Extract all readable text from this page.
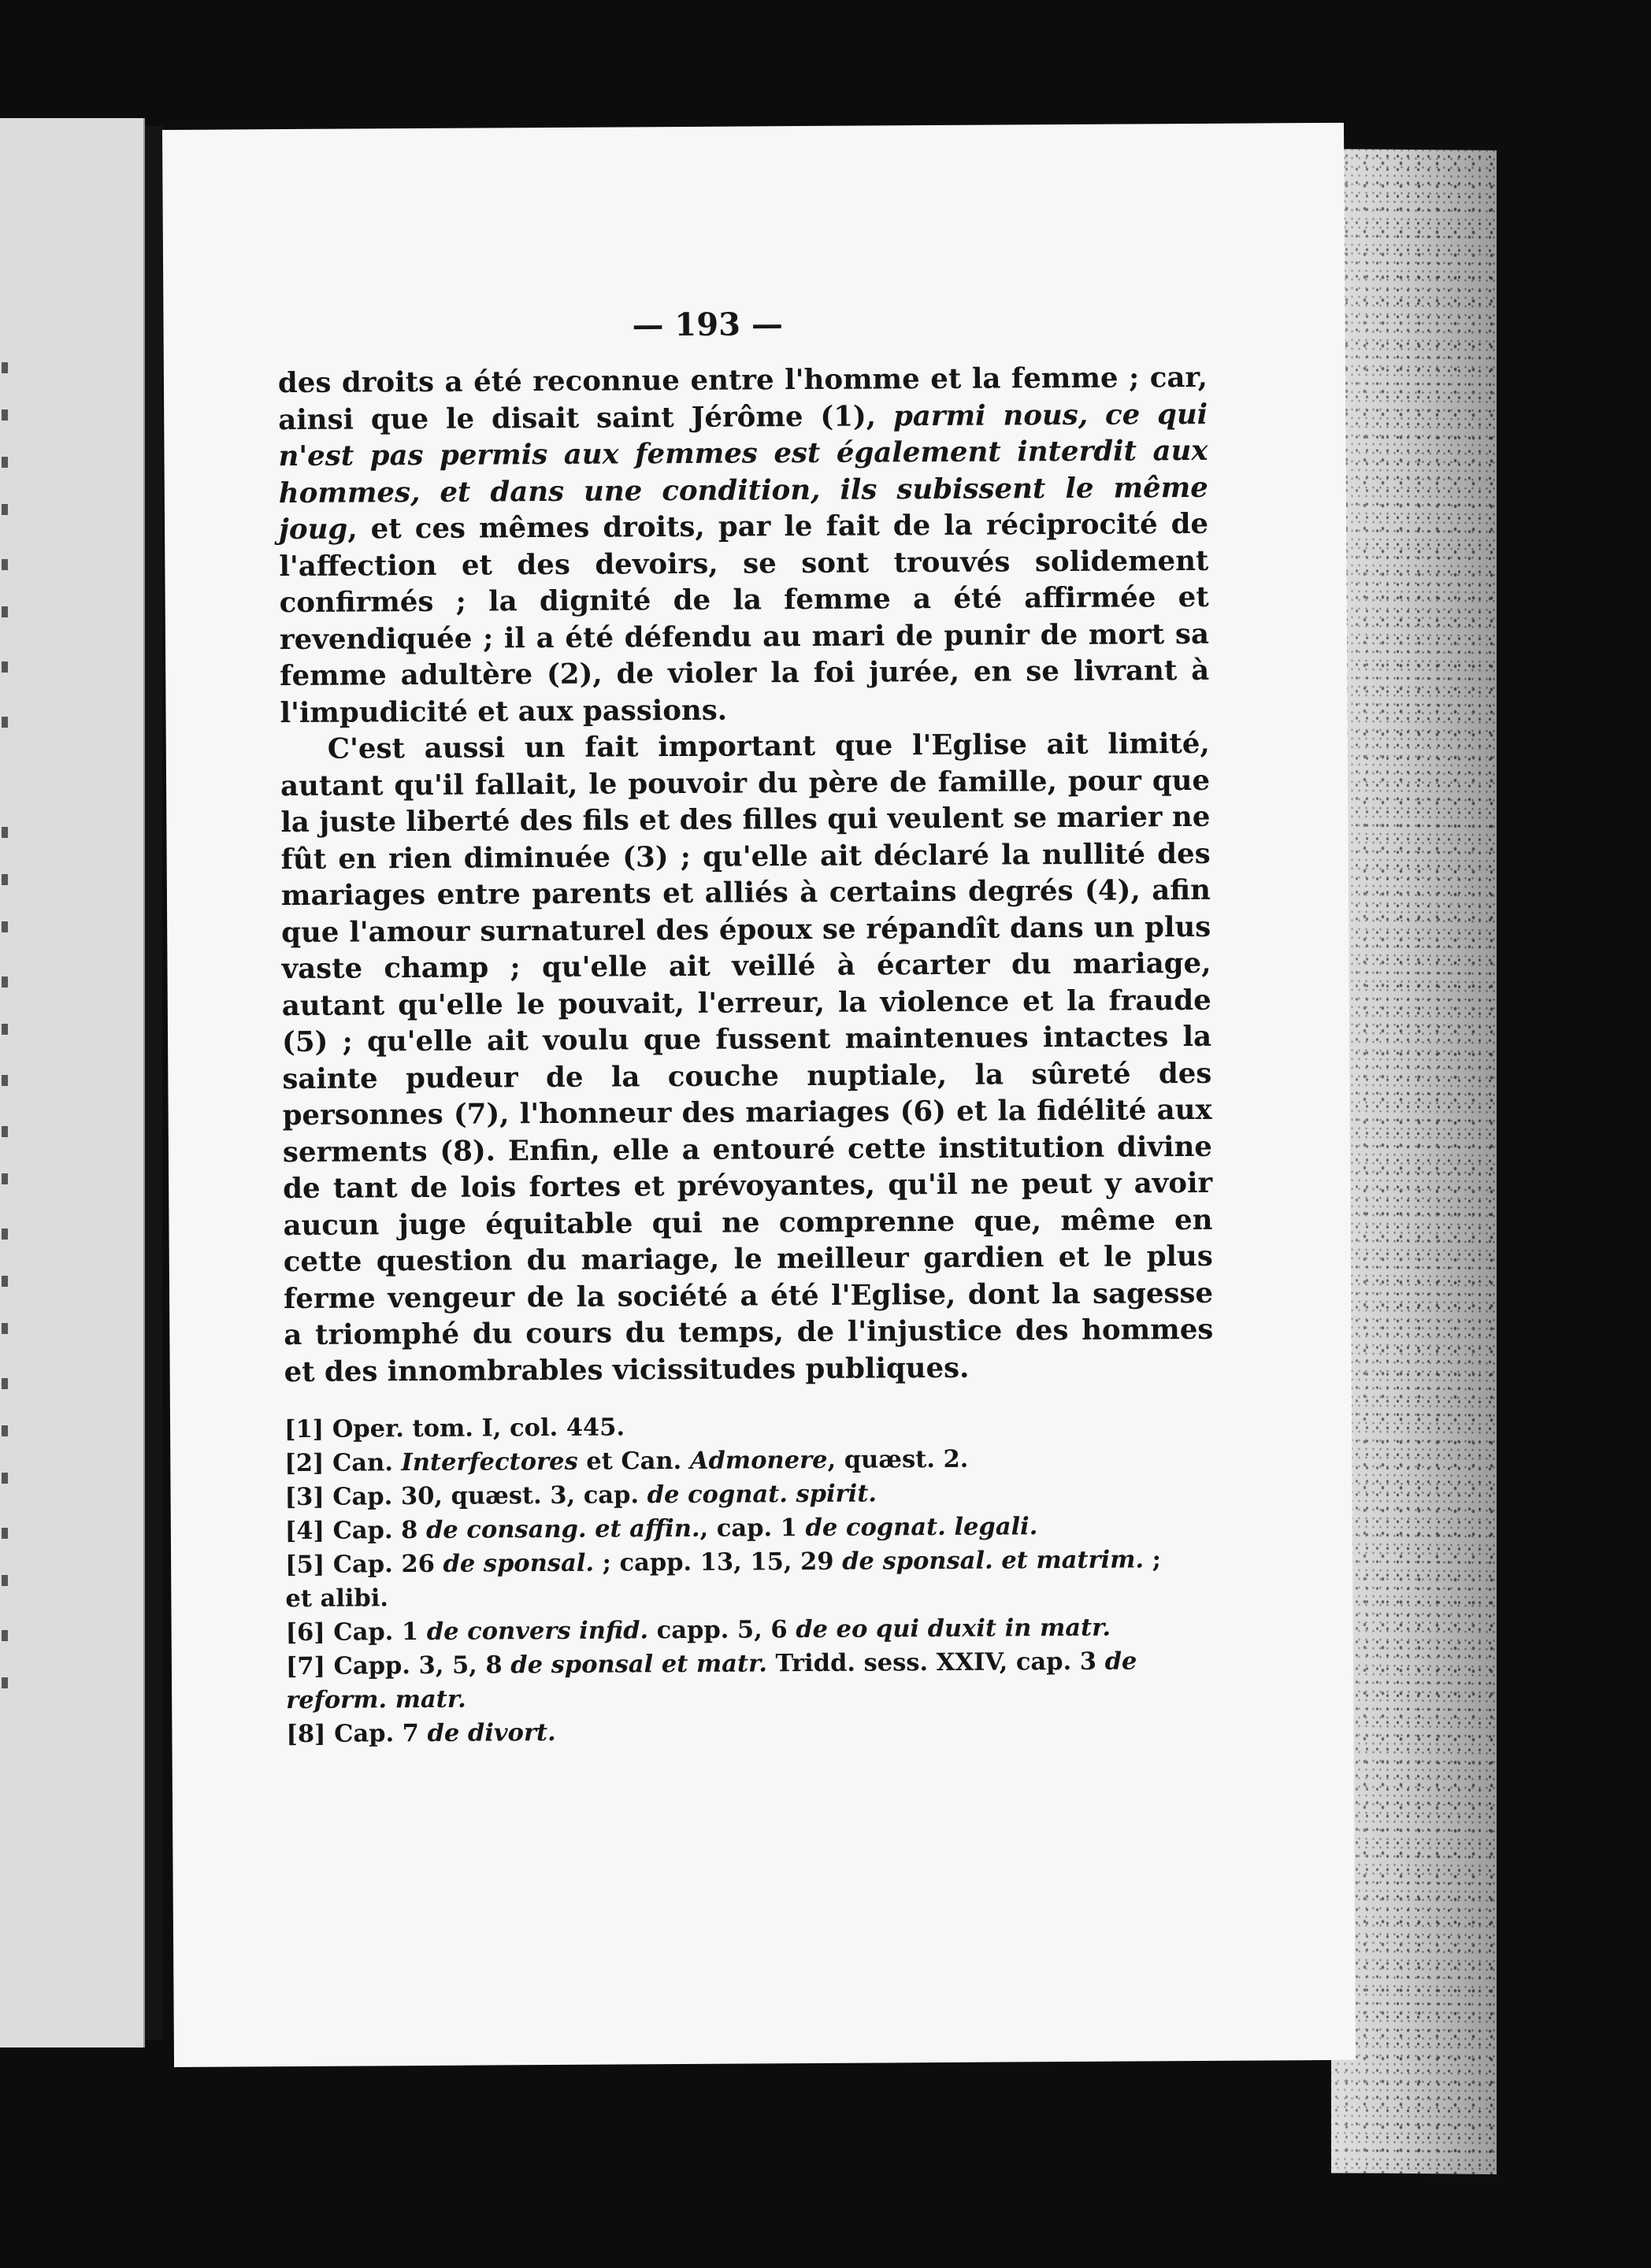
— 193 —

des droits a été reconnue entre l'homme et la femme ; car, ainsi que le disait saint Jérôme (1), parmi nous, ce qui n'est pas permis aux femmes est également interdit aux hommes, et dans une condition, ils subissent le même joug, et ces mêmes droits, par le fait de la réciprocité de l'affection et des devoirs, se sont trouvés solidement confirmés ; la dignité de la femme a été affirmée et revendiquée ; il a été défendu au mari de punir de mort sa femme adultère (2), de violer la foi jurée, en se livrant à l'impudicité et aux passions.

C'est aussi un fait important que l'Eglise ait limité, autant qu'il fallait, le pouvoir du père de famille, pour que la juste liberté des fils et des filles qui veulent se marier ne fût en rien diminuée (3) ; qu'elle ait déclaré la nullité des mariages entre parents et alliés à certains degrés (4), afin que l'amour surnaturel des époux se répandît dans un plus vaste champ ; qu'elle ait veillé à écarter du mariage, autant qu'elle le pouvait, l'erreur, la violence et la fraude (5) ; qu'elle ait voulu que fussent maintenues intactes la sainte pudeur de la couche nuptiale, la sûreté des personnes (7), l'honneur des mariages (6) et la fidélité aux serments (8). Enfin, elle a entouré cette institution divine de tant de lois fortes et prévoyantes, qu'il ne peut y avoir aucun juge équitable qui ne comprenne que, même en cette question du mariage, le meilleur gardien et le plus ferme vengeur de la société a été l'Eglise, dont la sagesse a triomphé du cours du temps, de l'injustice des hommes et des innombrables vicissitudes publiques.

[1] Oper. tom. I, col. 445.
[2] Can. Interfectores et Can. Admonere, quæst. 2.
[3] Cap. 30, quæst. 3, cap. de cognat. spirit.
[4] Cap. 8 de consang. et affin., cap. 1 de cognat. legali.
[5] Cap. 26 de sponsal. ; capp. 13, 15, 29 de sponsal. et matrim. ;
et alibi.
[6] Cap. 1 de convers infid. capp. 5, 6 de eo qui duxit in matr.
[7] Capp. 3, 5, 8 de sponsal et matr. Tridd. sess. XXIV, cap. 3 de
reform. matr.
[8] Cap. 7 de divort.
